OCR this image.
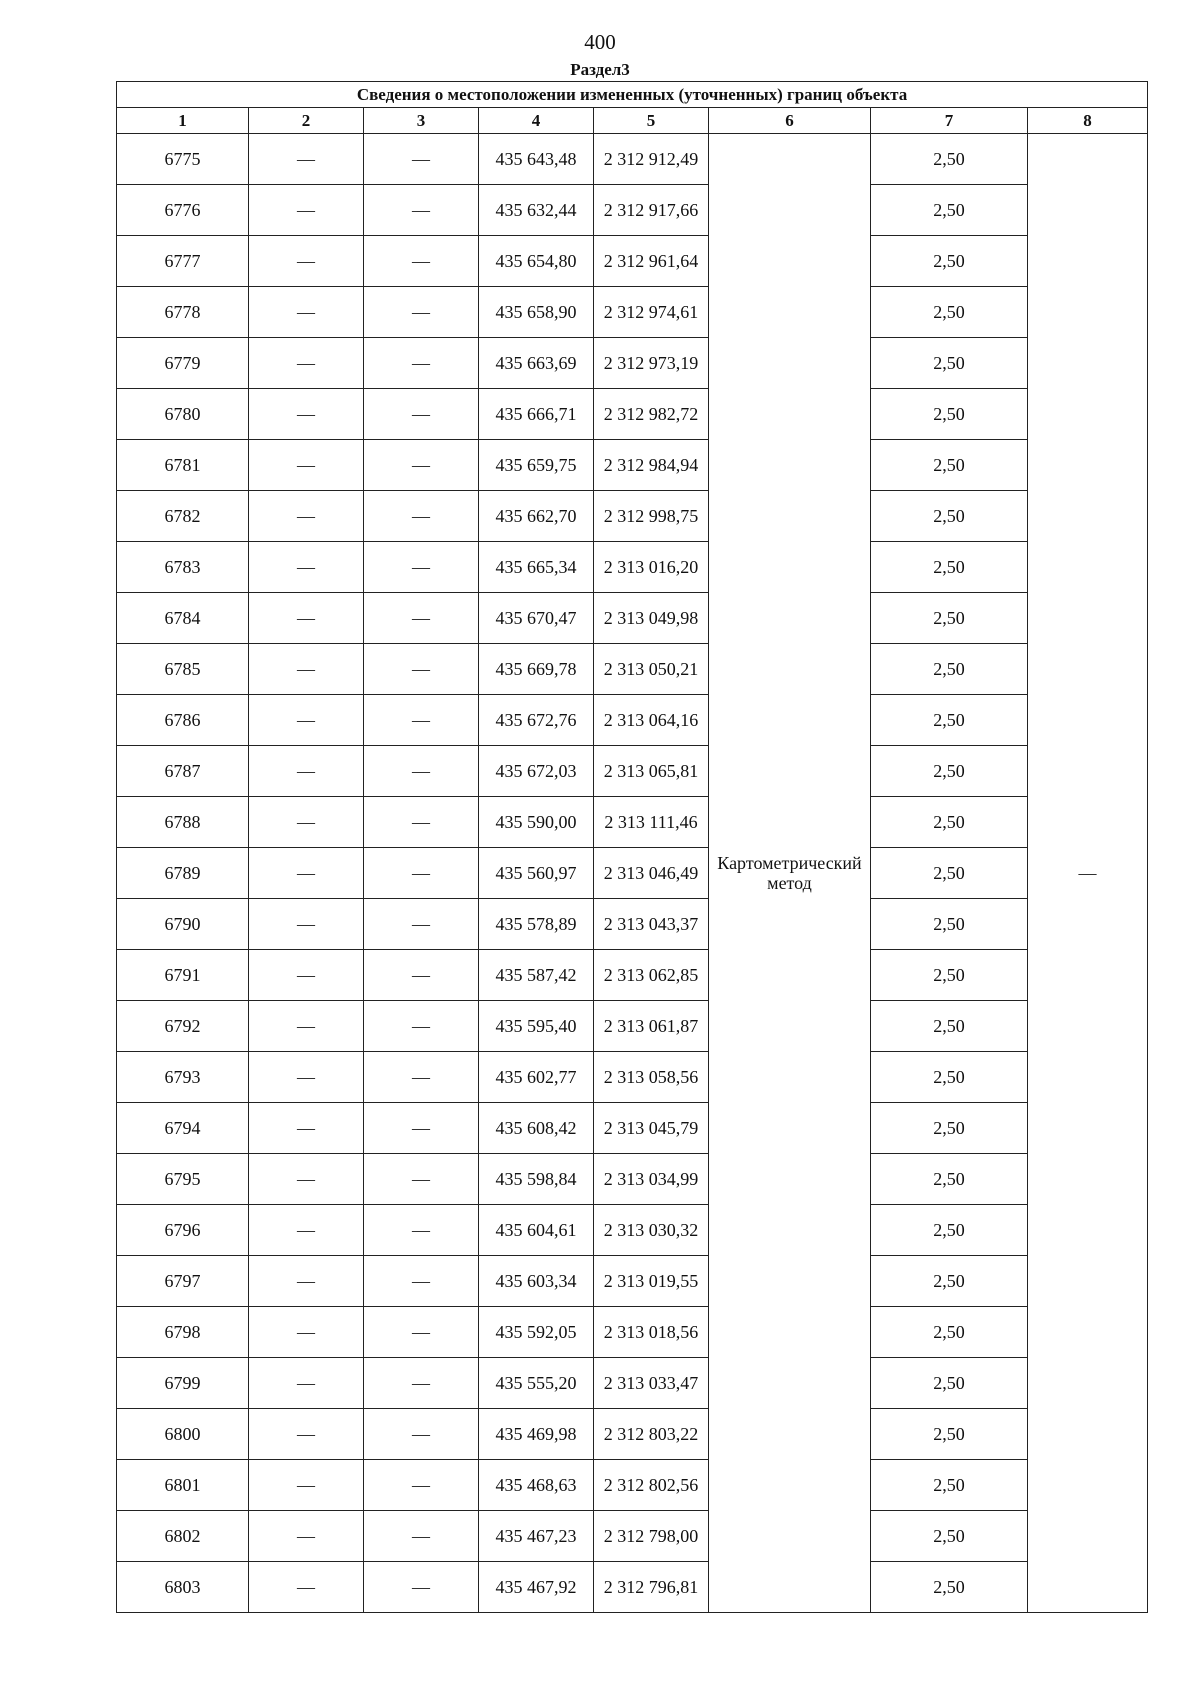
400
Раздел3
Сведения о местоположении измененных (уточненных) границ объекта							
1	2	3	4	5	6	7	8
6775	—	—	435 643,48	2 312 912,49	Картометрический метод	2,50	—
6776	—	—	435 632,44	2 312 917,66		2,50	
6777	—	—	435 654,80	2 312 961,64		2,50	
6778	—	—	435 658,90	2 312 974,61		2,50	
6779	—	—	435 663,69	2 312 973,19		2,50	
6780	—	—	435 666,71	2 312 982,72		2,50	
6781	—	—	435 659,75	2 312 984,94		2,50	
6782	—	—	435 662,70	2 312 998,75		2,50	
6783	—	—	435 665,34	2 313 016,20		2,50	
6784	—	—	435 670,47	2 313 049,98		2,50	
6785	—	—	435 669,78	2 313 050,21		2,50	
6786	—	—	435 672,76	2 313 064,16		2,50	
6787	—	—	435 672,03	2 313 065,81		2,50	
6788	—	—	435 590,00	2 313 111,46		2,50	
6789	—	—	435 560,97	2 313 046,49		2,50	
6790	—	—	435 578,89	2 313 043,37		2,50	
6791	—	—	435 587,42	2 313 062,85		2,50	
6792	—	—	435 595,40	2 313 061,87		2,50	
6793	—	—	435 602,77	2 313 058,56		2,50	
6794	—	—	435 608,42	2 313 045,79		2,50	
6795	—	—	435 598,84	2 313 034,99		2,50	
6796	—	—	435 604,61	2 313 030,32		2,50	
6797	—	—	435 603,34	2 313 019,55		2,50	
6798	—	—	435 592,05	2 313 018,56		2,50	
6799	—	—	435 555,20	2 313 033,47		2,50	
6800	—	—	435 469,98	2 312 803,22		2,50	
6801	—	—	435 468,63	2 312 802,56		2,50	
6802	—	—	435 467,23	2 312 798,00		2,50	
6803	—	—	435 467,92	2 312 796,81		2,50	
